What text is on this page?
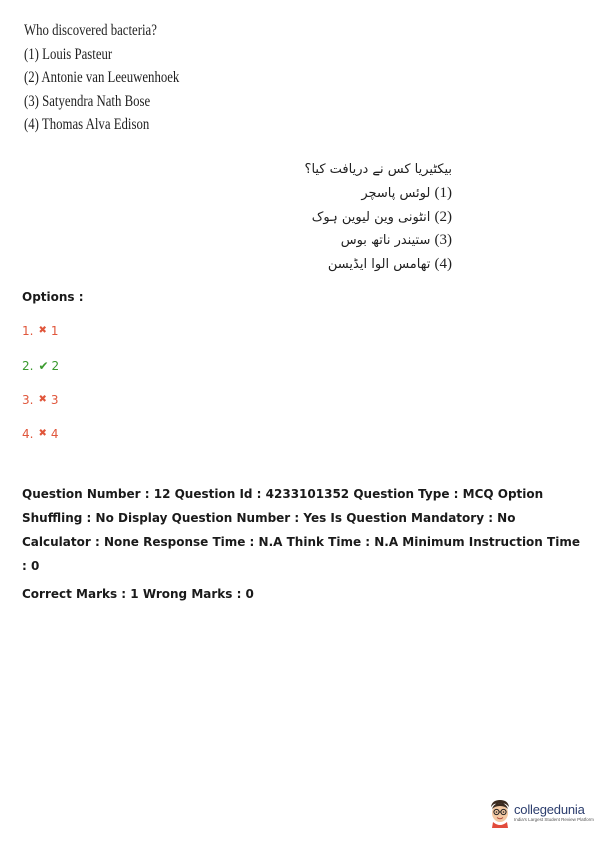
Who discovered bacteria?
(1) Louis Pasteur
(2) Antonie van Leeuwenhoek
(3) Satyendra Nath Bose
(4) Thomas Alva Edison
بیکٹیریا کس نے دریافت کیا؟
(1) لوئس پاسچر
(2) انٹونی وین لیوین ہوک
(3) ستیندر ناتھ بوس
(4) تھامس الوا ایڈیسن
Options :
1. ✖ 1
2. ✔ 2
3. ✖ 3
4. ✖ 4

Question Number : 12 Question Id : 4233101352 Question Type : MCQ Option Shuffling : No Display Question Number : Yes Is Question Mandatory : No Calculator : None Response Time : N.A Think Time : N.A Minimum Instruction Time : 0

Correct Marks : 1 Wrong Marks : 0

collegedunia
India's Largest Student Review Platform
